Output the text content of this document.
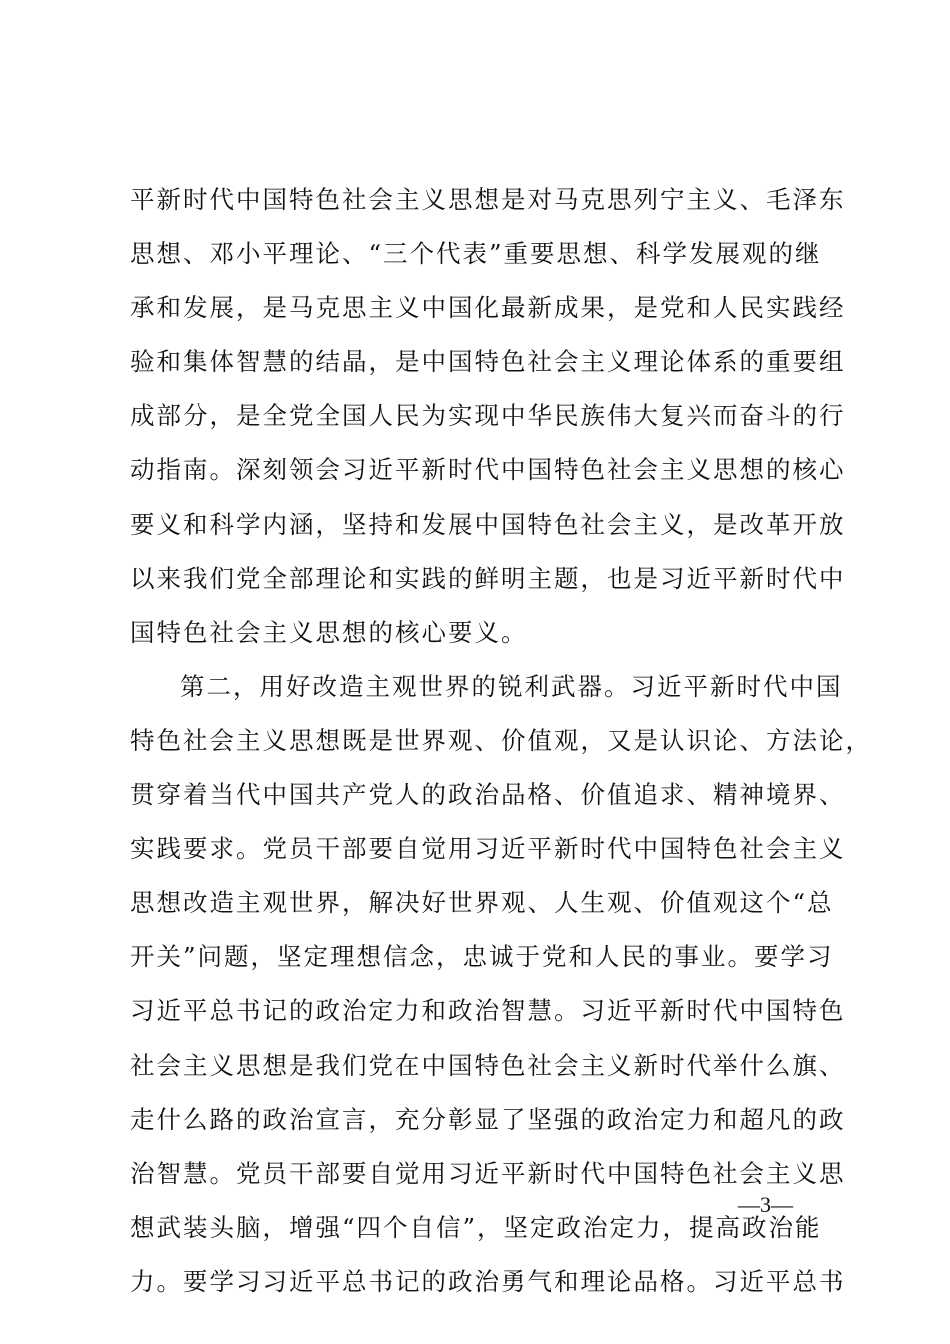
平新时代中国特色社会主义思想是对马克思列宁主义、毛泽东
思想、邓小平理论、“三个代表”重要思想、科学发展观的继
承和发展，是马克思主义中国化最新成果，是党和人民实践经
验和集体智慧的结晶，是中国特色社会主义理论体系的重要组
成部分，是全党全国人民为实现中华民族伟大复兴而奋斗的行
动指南。深刻领会习近平新时代中国特色社会主义思想的核心
要义和科学内涵，坚持和发展中国特色社会主义，是改革开放
以来我们党全部理论和实践的鲜明主题，也是习近平新时代中
国特色社会主义思想的核心要义。
第二，用好改造主观世界的锐利武器。习近平新时代中国
特色社会主义思想既是世界观、价值观，又是认识论、方法论，
贯穿着当代中国共产党人的政治品格、价值追求、精神境界、
实践要求。党员干部要自觉用习近平新时代中国特色社会主义
思想改造主观世界，解决好世界观、人生观、价值观这个“总
开关”问题，坚定理想信念，忠诚于党和人民的事业。要学习
习近平总书记的政治定力和政治智慧。习近平新时代中国特色
社会主义思想是我们党在中国特色社会主义新时代举什么旗、
走什么路的政治宣言，充分彰显了坚强的政治定力和超凡的政
治智慧。党员干部要自觉用习近平新时代中国特色社会主义思
想武装头脑，增强“四个自信”，坚定政治定力，提高政治能
力。要学习习近平总书记的政治勇气和理论品格。习近平总书
—3—
